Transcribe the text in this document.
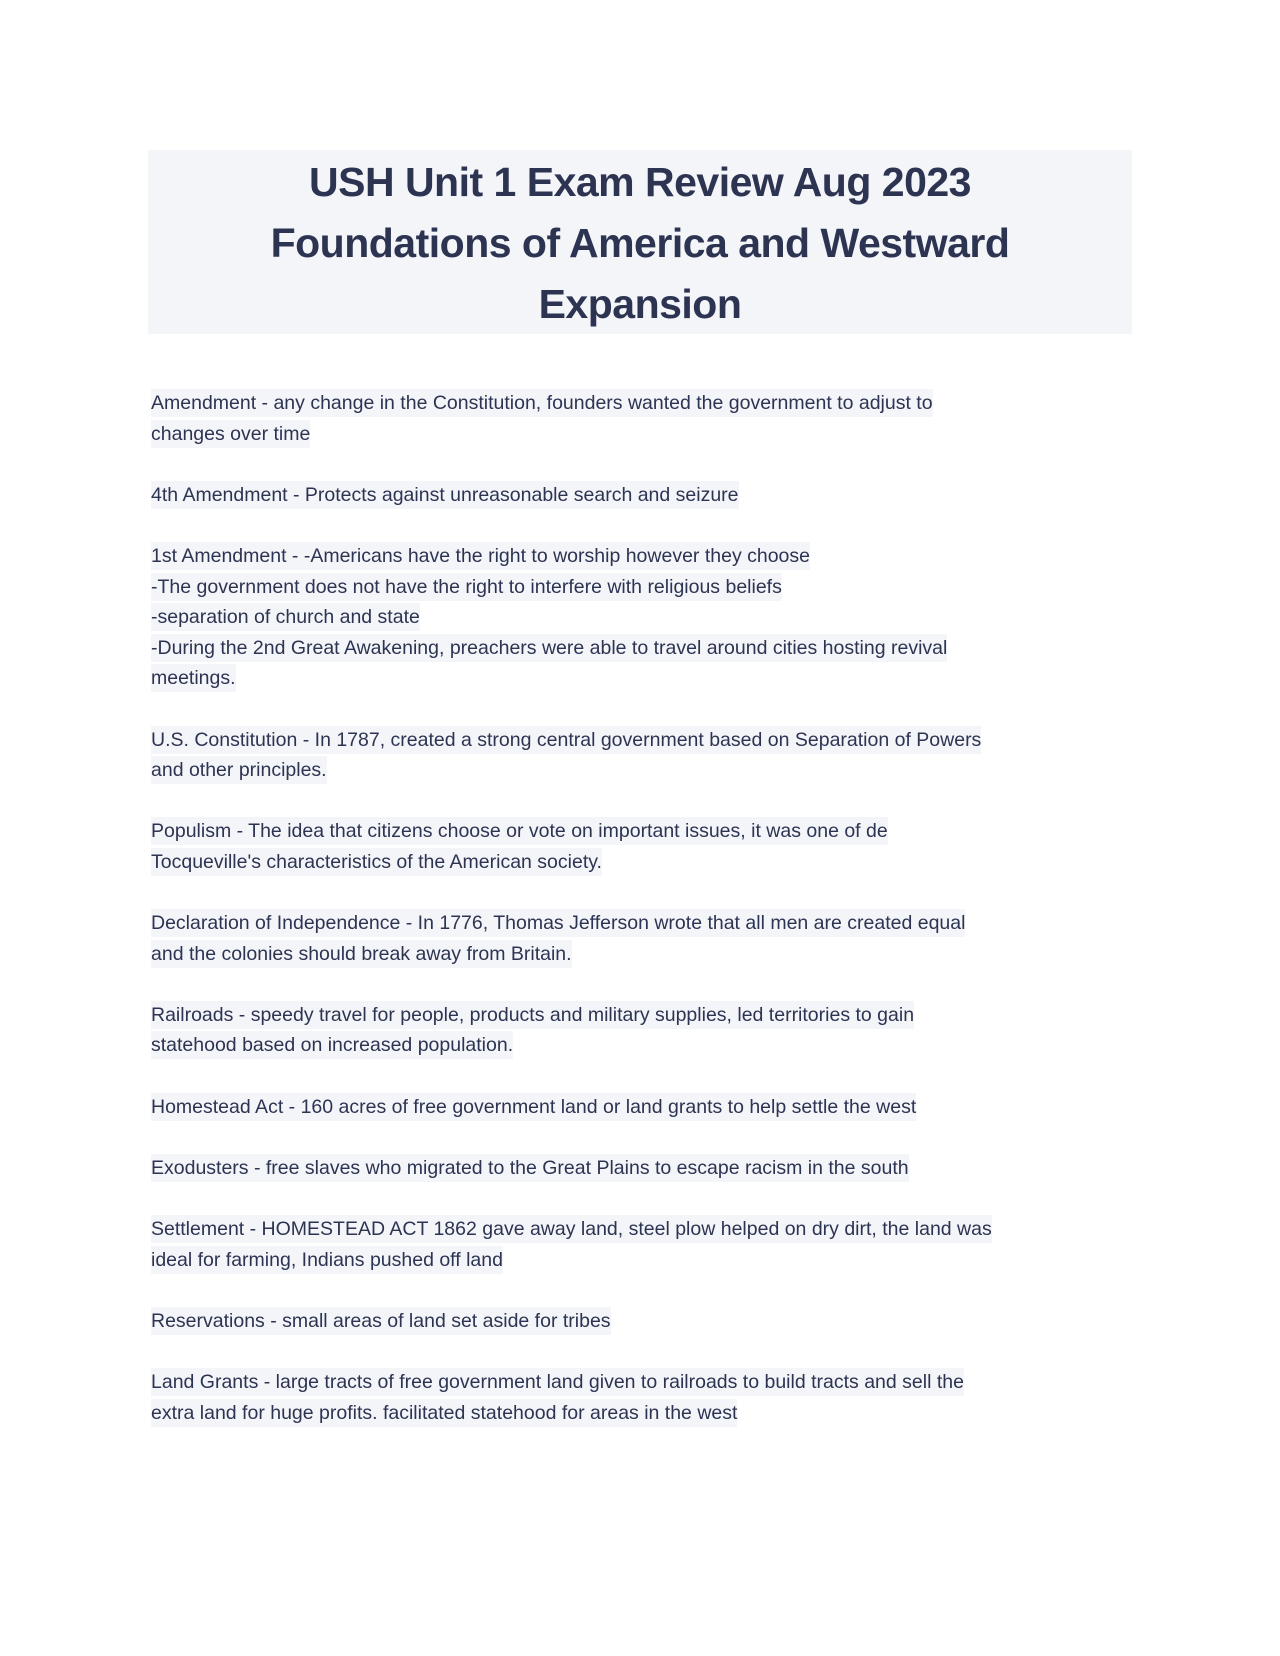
USH Unit 1 Exam Review Aug 2023
Foundations of America and Westward
Expansion
Amendment - any change in the Constitution, founders wanted the government to adjust to
changes over time
4th Amendment - Protects against unreasonable search and seizure
1st Amendment - -Americans have the right to worship however they choose
-The government does not have the right to interfere with religious beliefs
-separation of church and state
-During the 2nd Great Awakening, preachers were able to travel around cities hosting revival
meetings.
U.S. Constitution - In 1787, created a strong central government based on Separation of Powers
and other principles.
Populism - The idea that citizens choose or vote on important issues, it was one of de
Tocqueville's characteristics of the American society.
Declaration of Independence - In 1776, Thomas Jefferson wrote that all men are created equal
and the colonies should break away from Britain.
Railroads - speedy travel for people, products and military supplies, led territories to gain
statehood based on increased population.
Homestead Act - 160 acres of free government land or land grants to help settle the west
Exodusters - free slaves who migrated to the Great Plains to escape racism in the south
Settlement - HOMESTEAD ACT 1862 gave away land, steel plow helped on dry dirt, the land was
ideal for farming, Indians pushed off land
Reservations - small areas of land set aside for tribes
Land Grants - large tracts of free government land given to railroads to build tracts and sell the
extra land for huge profits. facilitated statehood for areas in the west
